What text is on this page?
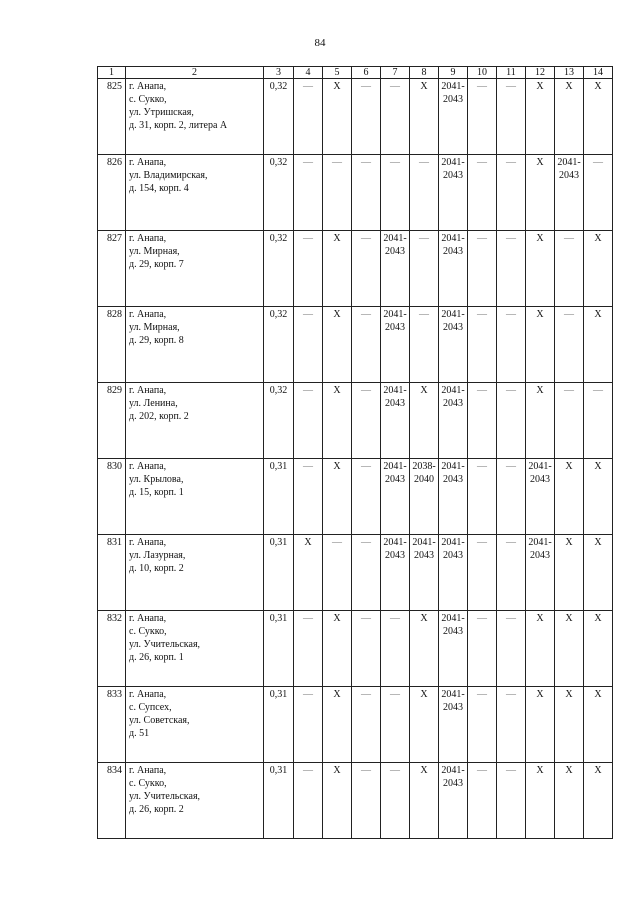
84
1	2	3	4	5	6	7	8	9	10	11	12	13	14
825	г. Анапа,
с. Сукко,
ул. Утришская,
д. 31, корп. 2, литера А	0,32	—	X	—	—	X	2041-
2043	—	—	X	X	X
826	г. Анапа,
ул. Владимирская,
д. 154, корп. 4	0,32	—	—	—	—	—	2041-
2043	—	—	X	2041-
2043	—
827	г. Анапа,
ул. Мирная,
д. 29, корп. 7	0,32	—	X	—	2041-
2043	—	2041-
2043	—	—	X	—	X
828	г. Анапа,
ул. Мирная,
д. 29, корп. 8	0,32	—	X	—	2041-
2043	—	2041-
2043	—	—	X	—	X
829	г. Анапа,
ул. Ленина,
д. 202, корп. 2	0,32	—	X	—	2041-
2043	X	2041-
2043	—	—	X	—	—
830	г. Анапа,
ул. Крылова,
д. 15, корп. 1	0,31	—	X	—	2041-
2043	2038-
2040	2041-
2043	—	—	2041-
2043	X	X
831	г. Анапа,
ул. Лазурная,
д. 10, корп. 2	0,31	X	—	—	2041-
2043	2041-
2043	2041-
2043	—	—	2041-
2043	X	X
832	г. Анапа,
с. Сукко,
ул. Учительская,
д. 26, корп. 1	0,31	—	X	—	—	X	2041-
2043	—	—	X	X	X
833	г. Анапа,
с. Супсех,
ул. Советская,
д. 51	0,31	—	X	—	—	X	2041-
2043	—	—	X	X	X
834	г. Анапа,
с. Сукко,
ул. Учительская,
д. 26, корп. 2	0,31	—	X	—	—	X	2041-
2043	—	—	X	X	X
